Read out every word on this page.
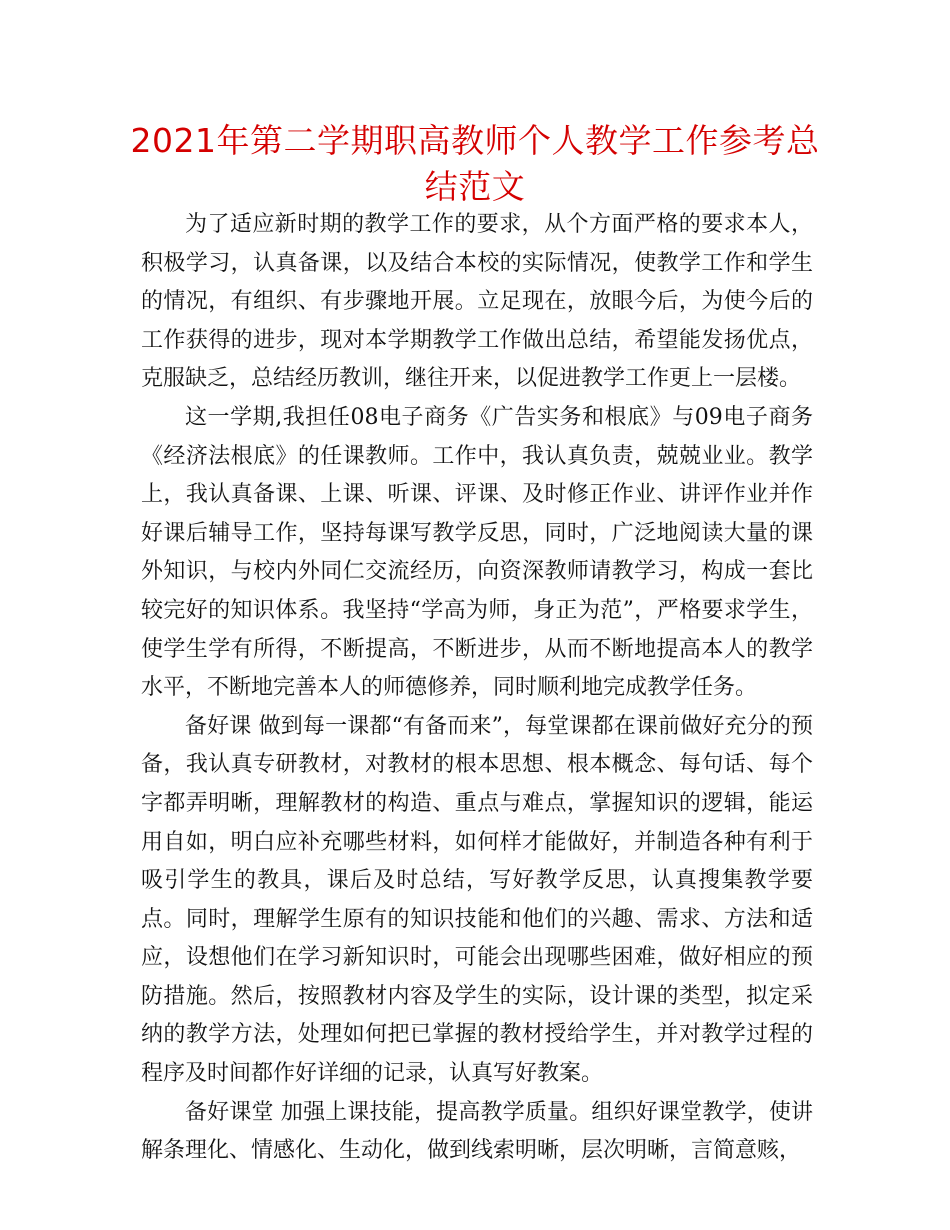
2021年第二学期职高教师个人教学工作参考总结范文

为了适应新时期的教学工作的要求，从个方面严格的要求本人，积极学习，认真备课，以及结合本校的实际情况，使教学工作和学生的情况，有组织、有步骤地开展。立足现在，放眼今后，为使今后的工作获得的进步，现对本学期教学工作做出总结，希望能发扬优点，克服缺乏，总结经历教训，继往开来，以促进教学工作更上一层楼。

这一学期,我担任08电子商务《广告实务和根底》与09电子商务《经济法根底》的任课教师。工作中，我认真负责，兢兢业业。教学上，我认真备课、上课、听课、评课、及时修正作业、讲评作业并作好课后辅导工作，坚持每课写教学反思，同时，广泛地阅读大量的课外知识，与校内外同仁交流经历，向资深教师请教学习，构成一套比较完好的知识体系。我坚持“学高为师，身正为范”，严格要求学生，使学生学有所得，不断提高，不断进步，从而不断地提高本人的教学水平，不断地完善本人的师德修养，同时顺利地完成教学任务。

备好课 做到每一课都“有备而来”，每堂课都在课前做好充分的预备，我认真专研教材，对教材的根本思想、根本概念、每句话、每个字都弄明晰，理解教材的构造、重点与难点，掌握知识的逻辑，能运用自如，明白应补充哪些材料，如何样才能做好，并制造各种有利于吸引学生的教具，课后及时总结，写好教学反思，认真搜集教学要点。同时，理解学生原有的知识技能和他们的兴趣、需求、方法和适应，设想他们在学习新知识时，可能会出现哪些困难，做好相应的预防措施。然后，按照教材内容及学生的实际，设计课的类型，拟定采纳的教学方法，处理如何把已掌握的教材授给学生，并对教学过程的程序及时间都作好详细的记录，认真写好教案。

备好课堂 加强上课技能，提高教学质量。组织好课堂教学，使讲解条理化、情感化、生动化，做到线索明晰，层次明晰，言简意赅，
